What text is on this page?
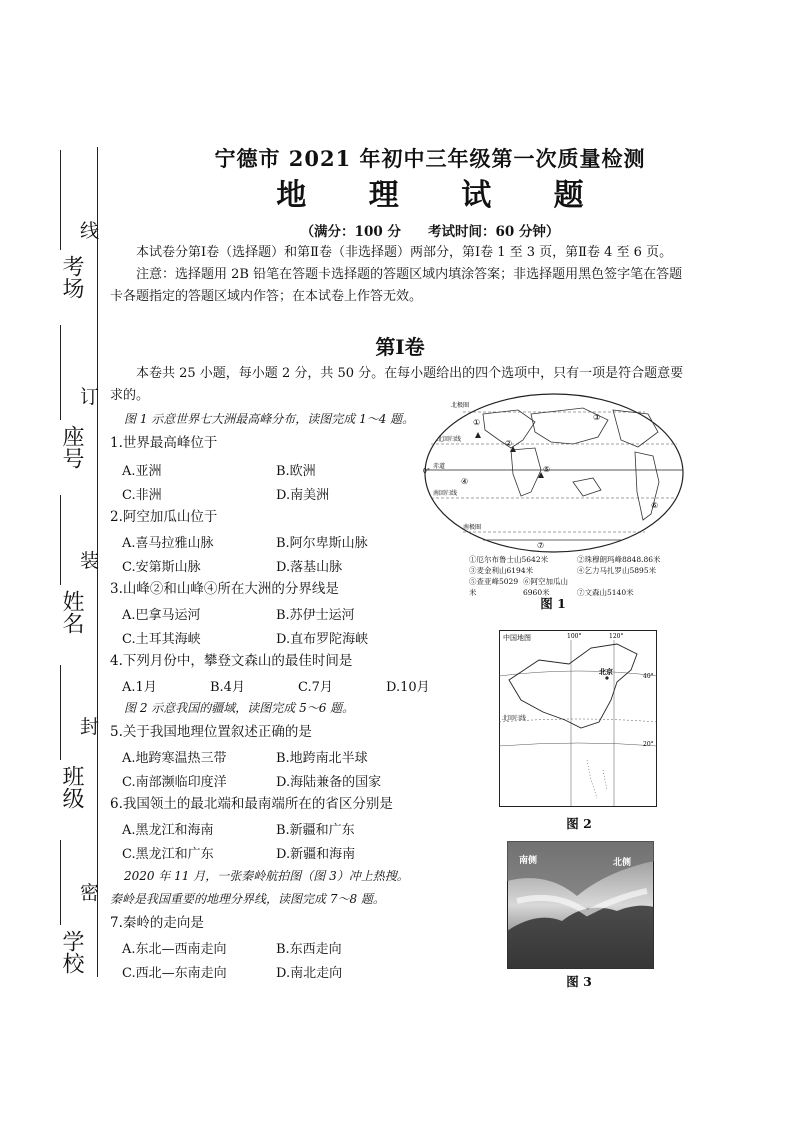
线
订
装
封
密
考场
座号
姓名
班级
学校
宁德市 2021 年初中三年级第一次质量检测
地 理 试 题
（满分：100 分　　考试时间：60 分钟）

本试卷分第Ⅰ卷（选择题）和第Ⅱ卷（非选择题）两部分，第Ⅰ卷 1 至 3 页，第Ⅱ卷 4 至 6 页。

注意：选择题用 2B 铅笔在答题卡选择题的答题区域内填涂答案；非选择题用黑色签字笔在答题卡各题指定的答题区域内作答；在本试卷上作答无效。

第Ⅰ卷

本卷共 25 小题，每小题 2 分，共 50 分。在每小题给出的四个选项中，只有一项是符合题意要求的。

图 1 示意世界七大洲最高峰分布，读图完成 1～4 题。
1.世界最高峰位于
A.亚洲	B.欧洲
C.非洲	D.南美洲
2.阿空加瓜山位于
A.喜马拉雅山脉	B.阿尔卑斯山脉
C.安第斯山脉	D.落基山脉
3.山峰②和山峰④所在大洲的分界线是
A.巴拿马运河	B.苏伊士运河
C.土耳其海峡	D.直布罗陀海峡
4.下列月份中，攀登文森山的最佳时间是
A.1月	B.4月	C.7月	D.10月
图 2 示意我国的疆域，读图完成 5～6 题。
5.关于我国地理位置叙述正确的是
A.地跨寒温热三带	B.地跨南北半球
C.南部濒临印度洋	D.海陆兼备的国家
6.我国领土的最北端和最南端所在的省区分别是
A.黑龙江和海南	B.新疆和广东
C.黑龙江和广东	D.新疆和海南
2020 年 11 月，一张秦岭航拍图（图 3）冲上热搜。
秦岭是我国重要的地理分界线，读图完成 7～8 题。
7.秦岭的走向是
A.东北—西南走向	B.东西走向
C.西北—东南走向	D.南北走向
北极圈
北回归线
赤道
0°
南回归线
南极圈
①
②
③
④
⑤
⑥
⑦
①厄尔布鲁士山5642米	②珠穆朗玛峰8848.86米
③麦金利山6194米	④乞力马扎罗山5895米
⑤查亚峰5029米⑥阿空加瓜山6960米	⑦文森山5140米
图 1
中国地图	100°	120°
40°
20°
北回归线
北京
图 2
南侧	北侧
图 3
